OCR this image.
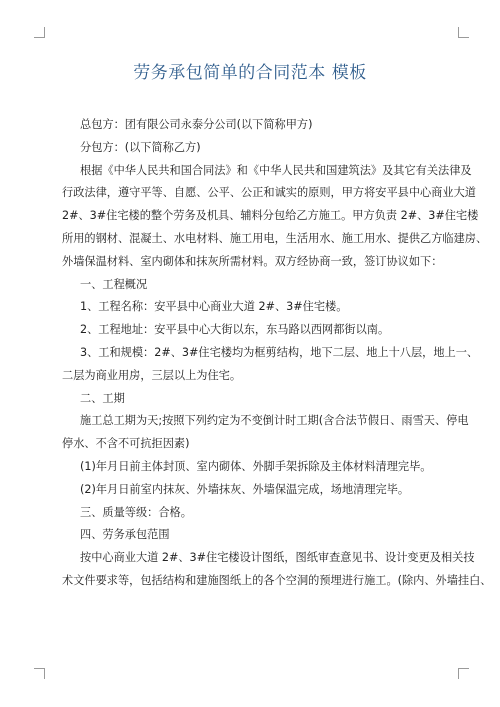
劳务承包简单的合同范本 模板
总包方：团有限公司永泰分公司(以下简称甲方)
分包方：(以下简称乙方)
根据《中华人民共和国合同法》和《中华人民共和国建筑法》及其它有关法律及
行政法律，遵守平等、自愿、公平、公正和诚实的原则，甲方将安平县中心商业大道
2#、3#住宅楼的整个劳务及机具、辅料分包给乙方施工。甲方负责 2#、3#住宅楼
所用的钢材、混凝土、水电材料、施工用电，生活用水、施工用水、提供乙方临建房、
外墙保温材料、室内砌体和抹灰所需材料。双方经协商一致，签订协议如下：
一、工程概况
1、工程名称：安平县中心商业大道 2#、3#住宅楼。
2、工程地址：安平县中心大街以东，东马路以西网都街以南。
3、工和规模：2#、3#住宅楼均为框剪结构，地下二层、地上十八层，地上一、
二层为商业用房，三层以上为住宅。
二、工期
施工总工期为天;按照下列约定为不变倒计时工期(含合法节假日、雨雪天、停电
停水、不含不可抗拒因素)
(1)年月日前主体封顶、室内砌体、外脚手架拆除及主体材料清理完毕。
(2)年月日前室内抹灰、外墙抹灰、外墙保温完成，场地清理完毕。
三、质量等级：合格。
四、劳务承包范围
按中心商业大道 2#、3#住宅楼设计图纸，图纸审查意见书、设计变更及相关技
术文件要求等，包括结构和建施图纸上的各个空洞的预埋进行施工。(除内、外墙挂白、
